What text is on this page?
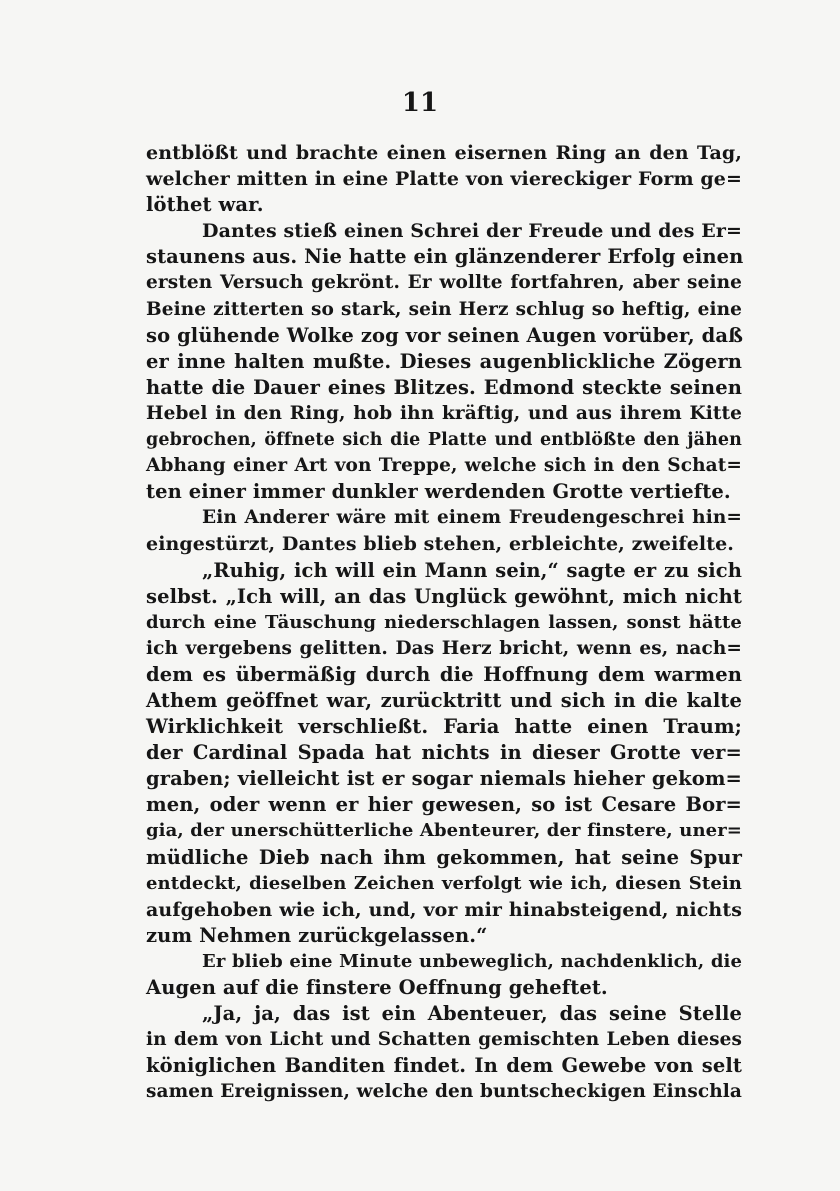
11
entblößt und brachte einen eisernen Ring an den Tag,
welcher mitten in eine Platte von viereckiger Form ge=
löthet war.
Dantes stieß einen Schrei der Freude und des Er=
staunens aus. Nie hatte ein glänzenderer Erfolg einen
ersten Versuch gekrönt. Er wollte fortfahren, aber seine
Beine zitterten so stark, sein Herz schlug so heftig, eine
so glühende Wolke zog vor seinen Augen vorüber, daß
er inne halten mußte. Dieses augenblickliche Zögern
hatte die Dauer eines Blitzes. Edmond steckte seinen
Hebel in den Ring, hob ihn kräftig, und aus ihrem Kitte
gebrochen, öffnete sich die Platte und entblößte den jähen
Abhang einer Art von Treppe, welche sich in den Schat=
ten einer immer dunkler werdenden Grotte vertiefte.
Ein Anderer wäre mit einem Freudengeschrei hin=
eingestürzt, Dantes blieb stehen, erbleichte, zweifelte.
„Ruhig, ich will ein Mann sein,“ sagte er zu sich
selbst. „Ich will, an das Unglück gewöhnt, mich nicht
durch eine Täuschung niederschlagen lassen, sonst hätte
ich vergebens gelitten. Das Herz bricht, wenn es, nach=
dem es übermäßig durch die Hoffnung dem warmen
Athem geöffnet war, zurücktritt und sich in die kalte
Wirklichkeit verschließt. Faria hatte einen Traum;
der Cardinal Spada hat nichts in dieser Grotte ver=
graben; vielleicht ist er sogar niemals hieher gekom=
men, oder wenn er hier gewesen, so ist Cesare Bor=
gia, der unerschütterliche Abenteurer, der finstere, uner=
müdliche Dieb nach ihm gekommen, hat seine Spur
entdeckt, dieselben Zeichen verfolgt wie ich, diesen Stein
aufgehoben wie ich, und, vor mir hinabsteigend, nichts
zum Nehmen zurückgelassen.“
Er blieb eine Minute unbeweglich, nachdenklich, die
Augen auf die finstere Oeffnung geheftet.
„Ja, ja, das ist ein Abenteuer, das seine Stelle
in dem von Licht und Schatten gemischten Leben dieses
königlichen Banditen findet. In dem Gewebe von selt
samen Ereignissen, welche den buntscheckigen Einschla
